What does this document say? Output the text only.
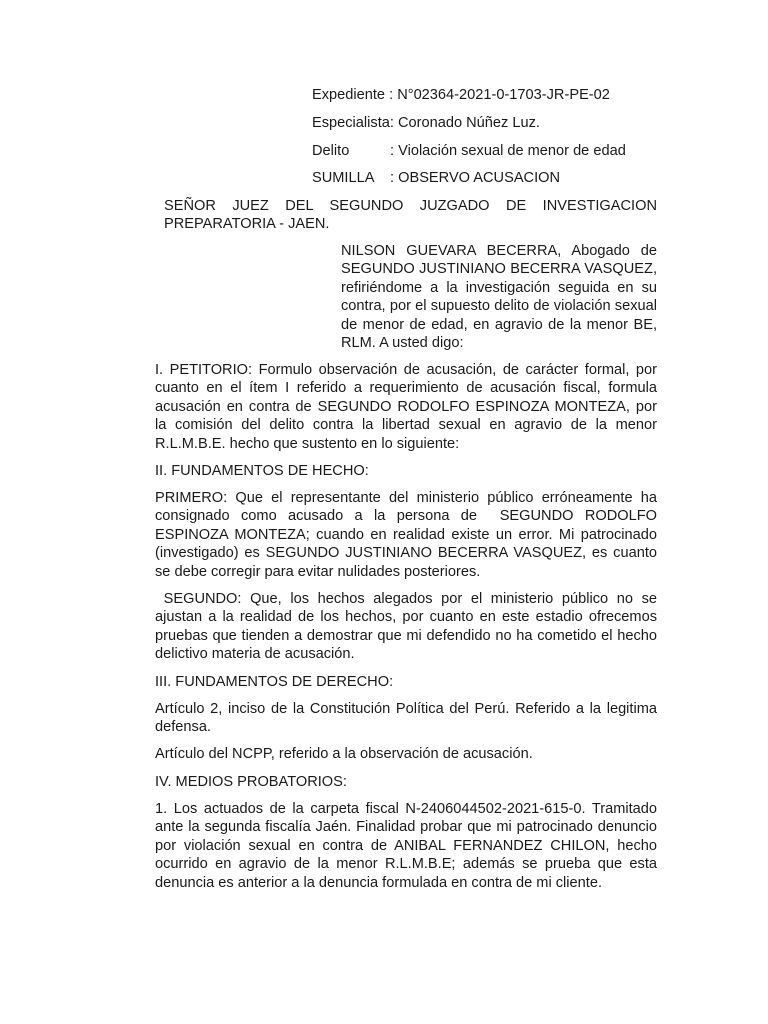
Expediente : N°02364-2021-0-1703-JR-PE-02

Especialista: Coronado Núñez Luz.

Delito	: Violación sexual de menor de edad

SUMILLA : OBSERVO ACUSACION

SEÑOR JUEZ DEL SEGUNDO JUZGADO DE INVESTIGACION PREPARATORIA - JAEN.

NILSON GUEVARA BECERRA, Abogado de SEGUNDO JUSTINIANO BECERRA VASQUEZ, refiriéndome a la investigación seguida en su contra, por el supuesto delito de violación sexual de menor de edad, en agravio de la menor BE, RLM. A usted digo:

I. PETITORIO: Formulo observación de acusación, de carácter formal, por cuanto en el ítem I referido a requerimiento de acusación fiscal, formula acusación en contra de SEGUNDO RODOLFO ESPINOZA MONTEZA, por la comisión del delito contra la libertad sexual en agravio de la menor R.L.M.B.E. hecho que sustento en lo siguiente:

II. FUNDAMENTOS DE HECHO:

PRIMERO: Que el representante del ministerio público erróneamente ha consignado como acusado a la persona de  SEGUNDO RODOLFO ESPINOZA MONTEZA; cuando en realidad existe un error. Mi patrocinado (investigado) es SEGUNDO JUSTINIANO BECERRA VASQUEZ, es cuanto se debe corregir para evitar nulidades posteriores.

SEGUNDO: Que, los hechos alegados por el ministerio público no se ajustan a la realidad de los hechos, por cuanto en este estadio ofrecemos pruebas que tienden a demostrar que mi defendido no ha cometido el hecho delictivo materia de acusación.

III. FUNDAMENTOS DE DERECHO:

Artículo 2, inciso de la Constitución Política del Perú. Referido a la legitima defensa.

Artículo del NCPP, referido a la observación de acusación.

IV. MEDIOS PROBATORIOS:

1. Los actuados de la carpeta fiscal N-2406044502-2021-615-0. Tramitado ante la segunda fiscalía Jaén. Finalidad probar que mi patrocinado denuncio por violación sexual en contra de ANIBAL FERNANDEZ CHILON, hecho ocurrido en agravio de la menor R.L.M.B.E; además se prueba que esta denuncia es anterior a la denuncia formulada en contra de mi cliente.
